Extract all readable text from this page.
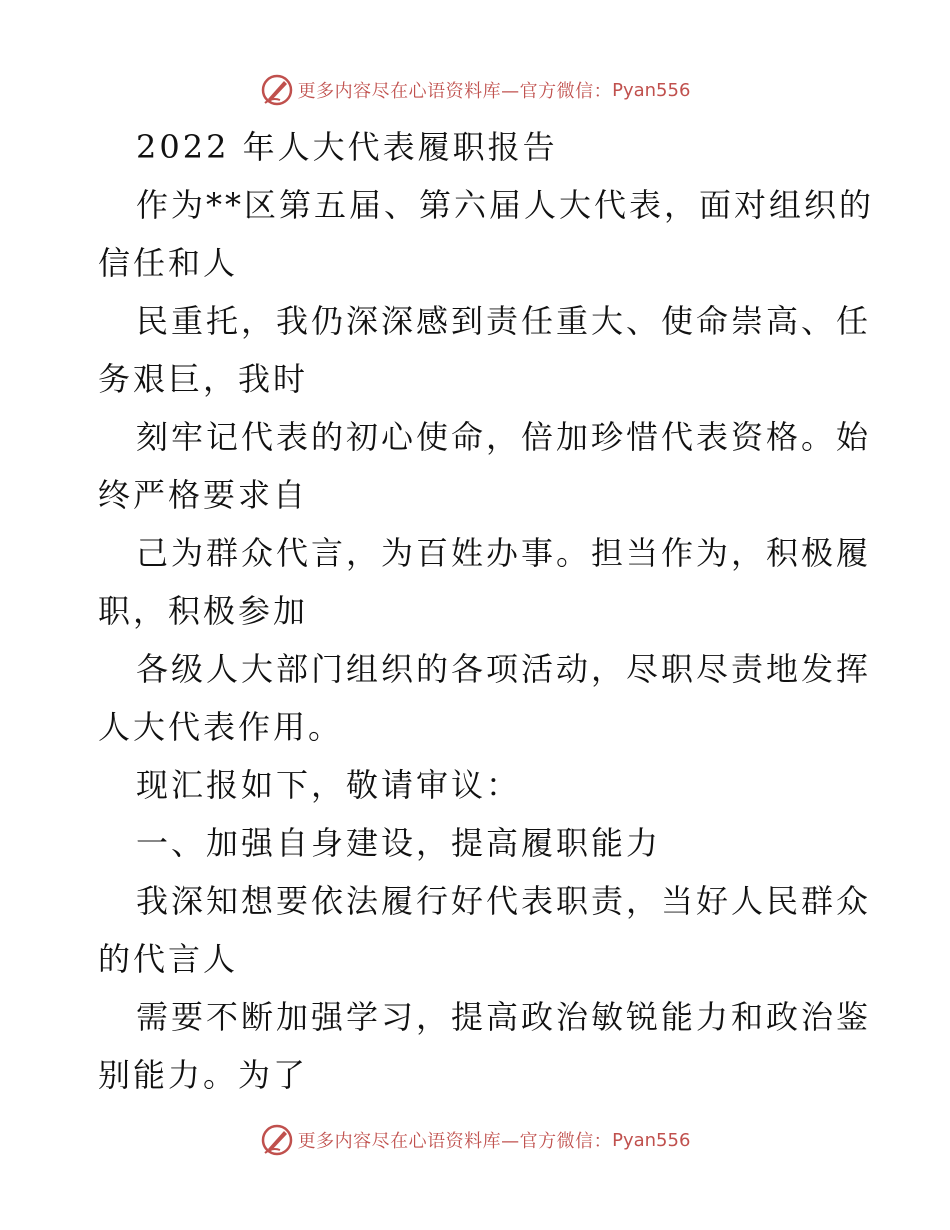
更多内容尽在心语资料库—官方微信： Pyan556
2022 年人大代表履职报告
作为**区第五届、第六届人大代表，面对组织的
信任和人
民重托，我仍深深感到责任重大、使命崇高、任
务艰巨，我时
刻牢记代表的初心使命，倍加珍惜代表资格。始
终严格要求自
己为群众代言，为百姓办事。担当作为，积极履
职，积极参加
各级人大部门组织的各项活动，尽职尽责地发挥
人大代表作用。
现汇报如下，敬请审议：
一、加强自身建设，提高履职能力
我深知想要依法履行好代表职责，当好人民群众
的代言人
需要不断加强学习，提高政治敏锐能力和政治鉴
别能力。为了
更多内容尽在心语资料库—官方微信： Pyan556
